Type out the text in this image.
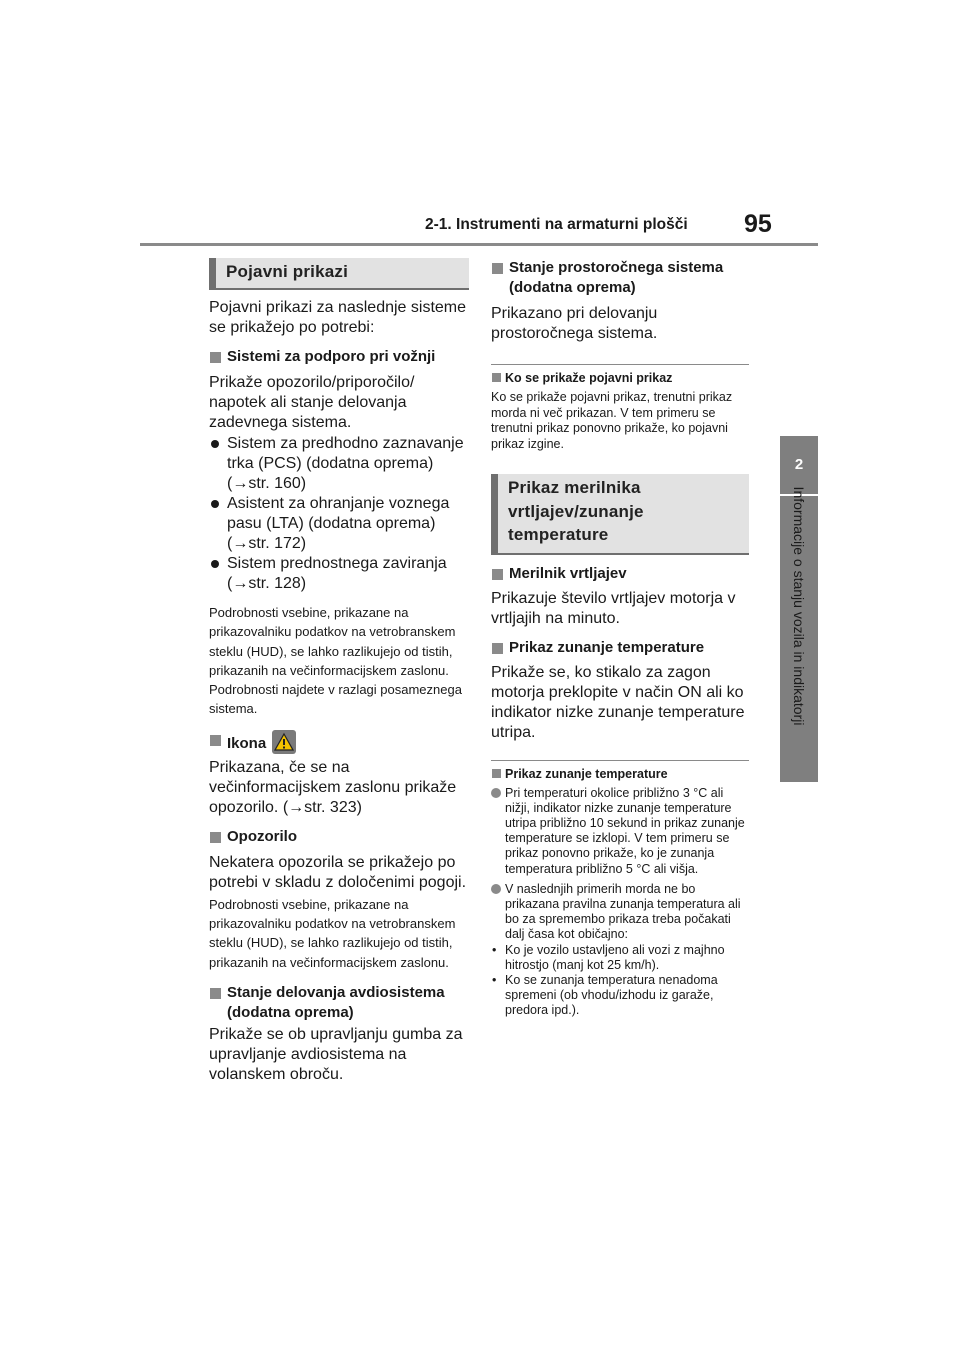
2-1. Instrumenti na armaturni plošči 95
2
Informacije o stanju vozila in indikatorji
Pojavni prikazi

Pojavni prikazi za naslednje sisteme se prikažejo po potrebi:

Sistemi za podporo pri vožnji

Prikaže opozorilo/priporočilo/ napotek ali stanje delovanja zadevnega sistema.

Sistem za predhodno zaznavanje trka (PCS) (dodatna oprema) (→str. 160)

Asistent za ohranjanje voznega pasu (LTA) (dodatna oprema) (→str. 172)

Sistem prednostnega zaviranja (→str. 128)

Podrobnosti vsebine, prikazane na prikazovalniku podatkov na vetrobranskem steklu (HUD), se lahko razlikujejo od tistih, prikazanih na večinformacijskem zaslonu. Podrobnosti najdete v razlagi posameznega sistema.

Ikona

Prikazana, če se na večinformacijskem zaslonu prikaže opozorilo. (→str. 323)

Opozorilo

Nekatera opozorila se prikažejo po potrebi v skladu z določenimi pogoji.

Podrobnosti vsebine, prikazane na prikazovalniku podatkov na vetrobranskem steklu (HUD), se lahko razlikujejo od tistih, prikazanih na večinformacijskem zaslonu.

Stanje delovanja avdiosistema (dodatna oprema)

Prikaže se ob upravljanju gumba za upravljanje avdiosistema na volanskem obroču.

Stanje prostoročnega sistema (dodatna oprema)

Prikazano pri delovanju prostoročnega sistema.

Ko se prikaže pojavni prikaz

Ko se prikaže pojavni prikaz, trenutni prikaz morda ni več prikazan. V tem primeru se trenutni prikaz ponovno prikaže, ko pojavni prikaz izgine.

Prikaz merilnika vrtljajev/zunanje temperature

Merilnik vrtljajev

Prikazuje število vrtljajev motorja v vrtljajih na minuto.

Prikaz zunanje temperature

Prikaže se, ko stikalo za zagon motorja preklopite v način ON ali ko indikator nizke zunanje temperature utripa.

Prikaz zunanje temperature

Pri temperaturi okolice približno 3 °C ali nižji, indikator nizke zunanje temperature utripa približno 10 sekund in prikaz zunanje temperature se izklopi. V tem primeru se prikaz ponovno prikaže, ko je zunanja temperatura približno 5 °C ali višja.

V naslednjih primerih morda ne bo prikazana pravilna zunanja temperatura ali bo za spremembo prikaza treba počakati dalj časa kot običajno:

• Ko je vozilo ustavljeno ali vozi z majhno hitrostjo (manj kot 25 km/h).

• Ko se zunanja temperatura nenadoma spremeni (ob vhodu/izhodu iz garaže, predora ipd.).
